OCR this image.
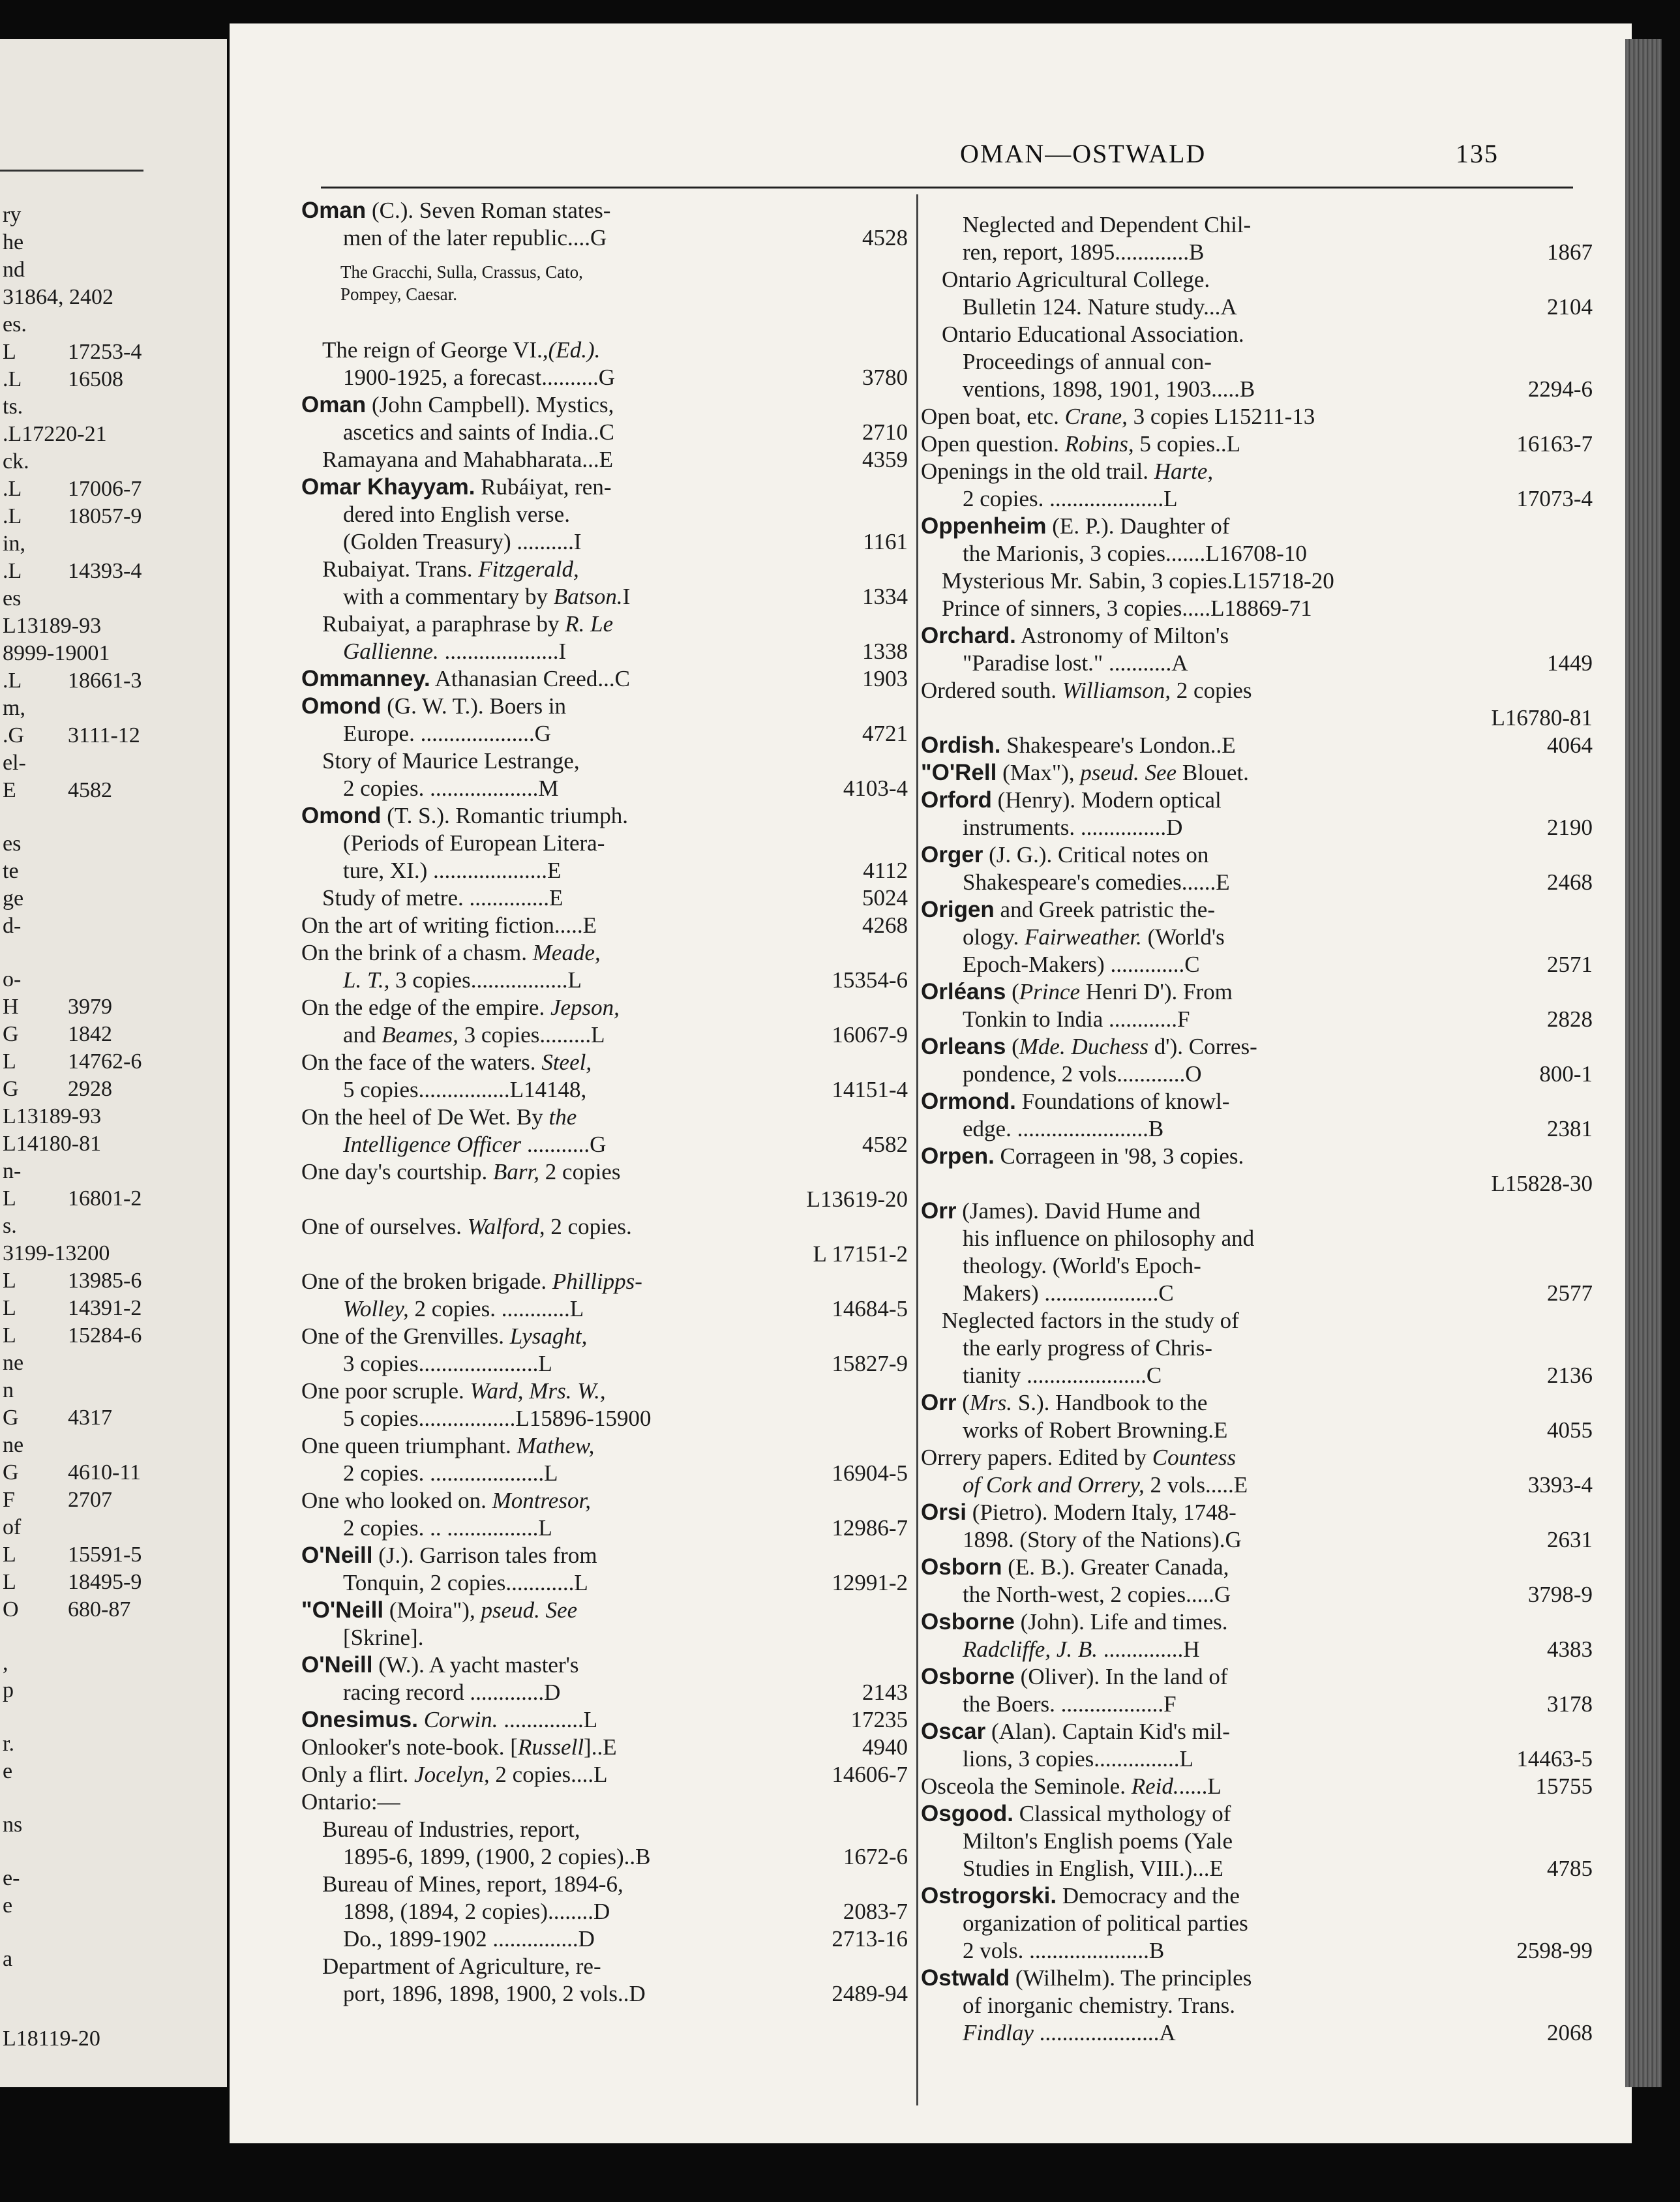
ry
he
nd
31864, 2402
es.
L 17253-4
.L 16508
ts.
.L17220-21
ck.
.L 17006-7
.L 18057-9
in,
.L 14393-4
es
L13189-93
8999-19001
.L 18661-3
m,
.G 3111-12
el-
E 4582
es
te
ge
d-
o-
H 3979
G 1842
L 14762-6
G 2928
L13189-93
L14180-81
n-
L 16801-2
s.
3199-13200
L 13985-6
L 14391-2
L 15284-6
ne
n
G 4317
ne
G 4610-11
F 2707
of
L 15591-5
L 18495-9
O 680-87
,
p
r.
e
ns
e-
e
a
L18119-20
OMAN—OSTWALD	135
Oman (C.). Seven Roman states-
men of the later republic....G	4528
The Gracchi, Sulla, Crassus, Cato,
Pompey, Caesar.
The reign of George VI.,(Ed.).
1900-1925, a forecast..........G	3780
Oman (John Campbell). Mystics,
ascetics and saints of India..C	2710
Ramayana and Mahabharata...E	4359
Omar Khayyam. Rubáiyat, ren-
dered into English verse.
(Golden Treasury) ..........I	1161
Rubaiyat. Trans. Fitzgerald,
with a commentary by Batson.I	1334
Rubaiyat, a paraphrase by R. Le
Gallienne. ....................I	1338
Ommanney. Athanasian Creed...C	1903
Omond (G. W. T.). Boers in
Europe. ....................G	4721
Story of Maurice Lestrange,
2 copies. ...................M	4103-4
Omond (T. S.). Romantic triumph.
(Periods of European Litera-
ture, XI.) ....................E	4112
Study of metre. ..............E	5024
On the art of writing fiction.....E	4268
On the brink of a chasm. Meade,
L. T., 3 copies.................L	15354-6
On the edge of the empire. Jepson,
and Beames, 3 copies.........L	16067-9
On the face of the waters. Steel,
5 copies................L14148,	14151-4
On the heel of De Wet. By the
Intelligence Officer ...........G	4582
One day's courtship. Barr, 2 copies
L13619-20
One of ourselves. Walford, 2 copies.
L 17151-2
One of the broken brigade. Phillipps-
Wolley, 2 copies. ............L	14684-5
One of the Grenvilles. Lysaght,
3 copies.....................L	15827-9
One poor scruple. Ward, Mrs. W.,
5 copies.................L15896-15900
One queen triumphant. Mathew,
2 copies. ....................L	16904-5
One who looked on. Montresor,
2 copies. .. ................L	12986-7
O'Neill (J.). Garrison tales from
Tonquin, 2 copies............L	12991-2
"O'Neill (Moira"), pseud. See
[Skrine].
O'Neill (W.). A yacht master's
racing record .............D	2143
Onesimus. Corwin. ..............L	17235
Onlooker's note-book. [Russell]..E	4940
Only a flirt. Jocelyn, 2 copies....L	14606-7
Ontario:—
Bureau of Industries, report,
1895-6, 1899, (1900, 2 copies)..B	1672-6
Bureau of Mines, report, 1894-6,
1898, (1894, 2 copies)........D	2083-7
Do., 1899-1902 ...............D	2713-16
Department of Agriculture, re-
port, 1896, 1898, 1900, 2 vols..D	2489-94
Neglected and Dependent Chil-
ren, report, 1895.............B	1867
Ontario Agricultural College.
Bulletin 124. Nature study...A	2104
Ontario Educational Association.
Proceedings of annual con-
ventions, 1898, 1901, 1903.....B	2294-6
Open boat, etc. Crane, 3 copies L15211-13
Open question. Robins, 5 copies..L	16163-7
Openings in the old trail. Harte,
2 copies. ....................L	17073-4
Oppenheim (E. P.). Daughter of
the Marionis, 3 copies.......L16708-10
Mysterious Mr. Sabin, 3 copies.L15718-20
Prince of sinners, 3 copies.....L18869-71
Orchard. Astronomy of Milton's
"Paradise lost." ...........A	1449
Ordered south. Williamson, 2 copies
L16780-81
Ordish. Shakespeare's London..E	4064
"O'Rell (Max"), pseud. See Blouet.
Orford (Henry). Modern optical
instruments. ...............D	2190
Orger (J. G.). Critical notes on
Shakespeare's comedies......E	2468
Origen and Greek patristic the-
ology. Fairweather. (World's
Epoch-Makers) .............C	2571
Orléans (Prince Henri D'). From
Tonkin to India ............F	2828
Orleans (Mde. Duchess d'). Corres-
pondence, 2 vols............O	800-1
Ormond. Foundations of knowl-
edge. .......................B	2381
Orpen. Corrageen in '98, 3 copies.
L15828-30
Orr (James). David Hume and
his influence on philosophy and
theology. (World's Epoch-
Makers) ....................C	2577
Neglected factors in the study of
the early progress of Chris-
tianity .....................C	2136
Orr (Mrs. S.). Handbook to the
works of Robert Browning.E	4055
Orrery papers. Edited by Countess
of Cork and Orrery, 2 vols.....E	3393-4
Orsi (Pietro). Modern Italy, 1748-
1898. (Story of the Nations).G	2631
Osborn (E. B.). Greater Canada,
the North-west, 2 copies.....G	3798-9
Osborne (John). Life and times.
Radcliffe, J. B. ..............H	4383
Osborne (Oliver). In the land of
the Boers. ..................F	3178
Oscar (Alan). Captain Kid's mil-
lions, 3 copies...............L	14463-5
Osceola the Seminole. Reid......L	15755
Osgood. Classical mythology of
Milton's English poems (Yale
Studies in English, VIII.)...E	4785
Ostrogorski. Democracy and the
organization of political parties
2 vols. .....................B	2598-99
Ostwald (Wilhelm). The principles
of inorganic chemistry. Trans.
Findlay .....................A	2068
